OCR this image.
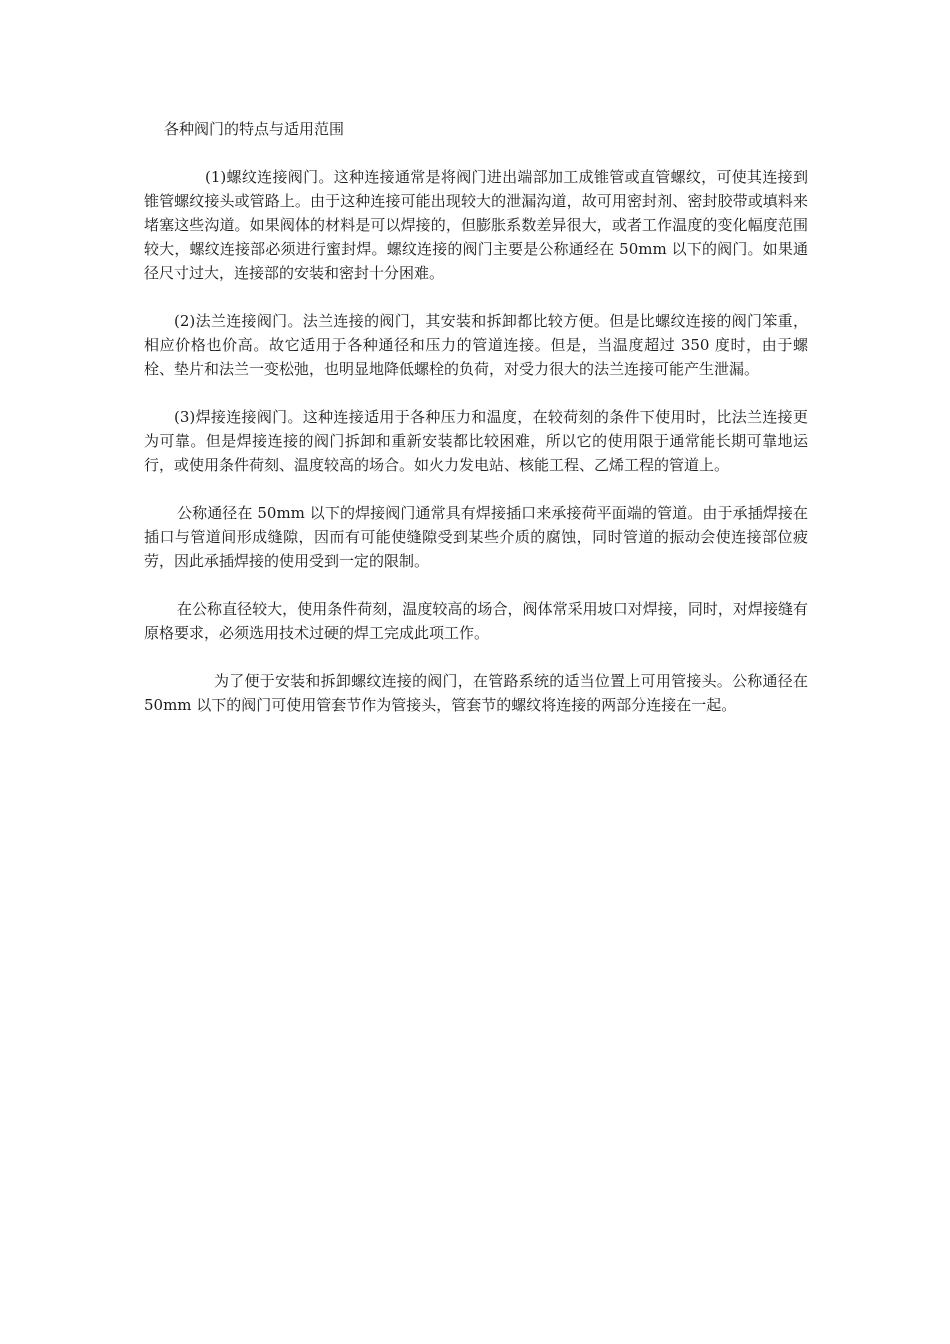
各种阀门的特点与适用范围

(1)螺纹连接阀门。这种连接通常是将阀门进出端部加工成锥管或直管螺纹，可使其连接到锥管螺纹接头或管路上。由于这种连接可能出现较大的泄漏沟道，故可用密封剂、密封胶带或填料来堵塞这些沟道。如果阀体的材料是可以焊接的，但膨胀系数差异很大，或者工作温度的变化幅度范围较大，螺纹连接部必须进行蜜封焊。螺纹连接的阀门主要是公称通经在 50mm 以下的阀门。如果通径尺寸过大，连接部的安装和密封十分困难。

(2)法兰连接阀门。法兰连接的阀门，其安装和拆卸都比较方便。但是比螺纹连接的阀门笨重，相应价格也价高。故它适用于各种通径和压力的管道连接。但是，当温度超过 350 度时，由于螺栓、垫片和法兰一变松弛，也明显地降低螺栓的负荷，对受力很大的法兰连接可能产生泄漏。

(3)焊接连接阀门。这种连接适用于各种压力和温度，在较荷刻的条件下使用时，比法兰连接更为可靠。但是焊接连接的阀门拆卸和重新安装都比较困难，所以它的使用限于通常能长期可靠地运行，或使用条件荷刻、温度较高的场合。如火力发电站、核能工程、乙烯工程的管道上。

公称通径在 50mm 以下的焊接阀门通常具有焊接插口来承接荷平面端的管道。由于承插焊接在插口与管道间形成缝隙，因而有可能使缝隙受到某些介质的腐蚀，同时管道的振动会使连接部位疲劳，因此承插焊接的使用受到一定的限制。

在公称直径较大，使用条件荷刻，温度较高的场合，阀体常采用坡口对焊接，同时，对焊接缝有原格要求，必须选用技术过硬的焊工完成此项工作。

为了便于安装和拆卸螺纹连接的阀门，在管路系统的适当位置上可用管接头。公称通径在 50mm 以下的阀门可使用管套节作为管接头，管套节的螺纹将连接的两部分连接在一起。
